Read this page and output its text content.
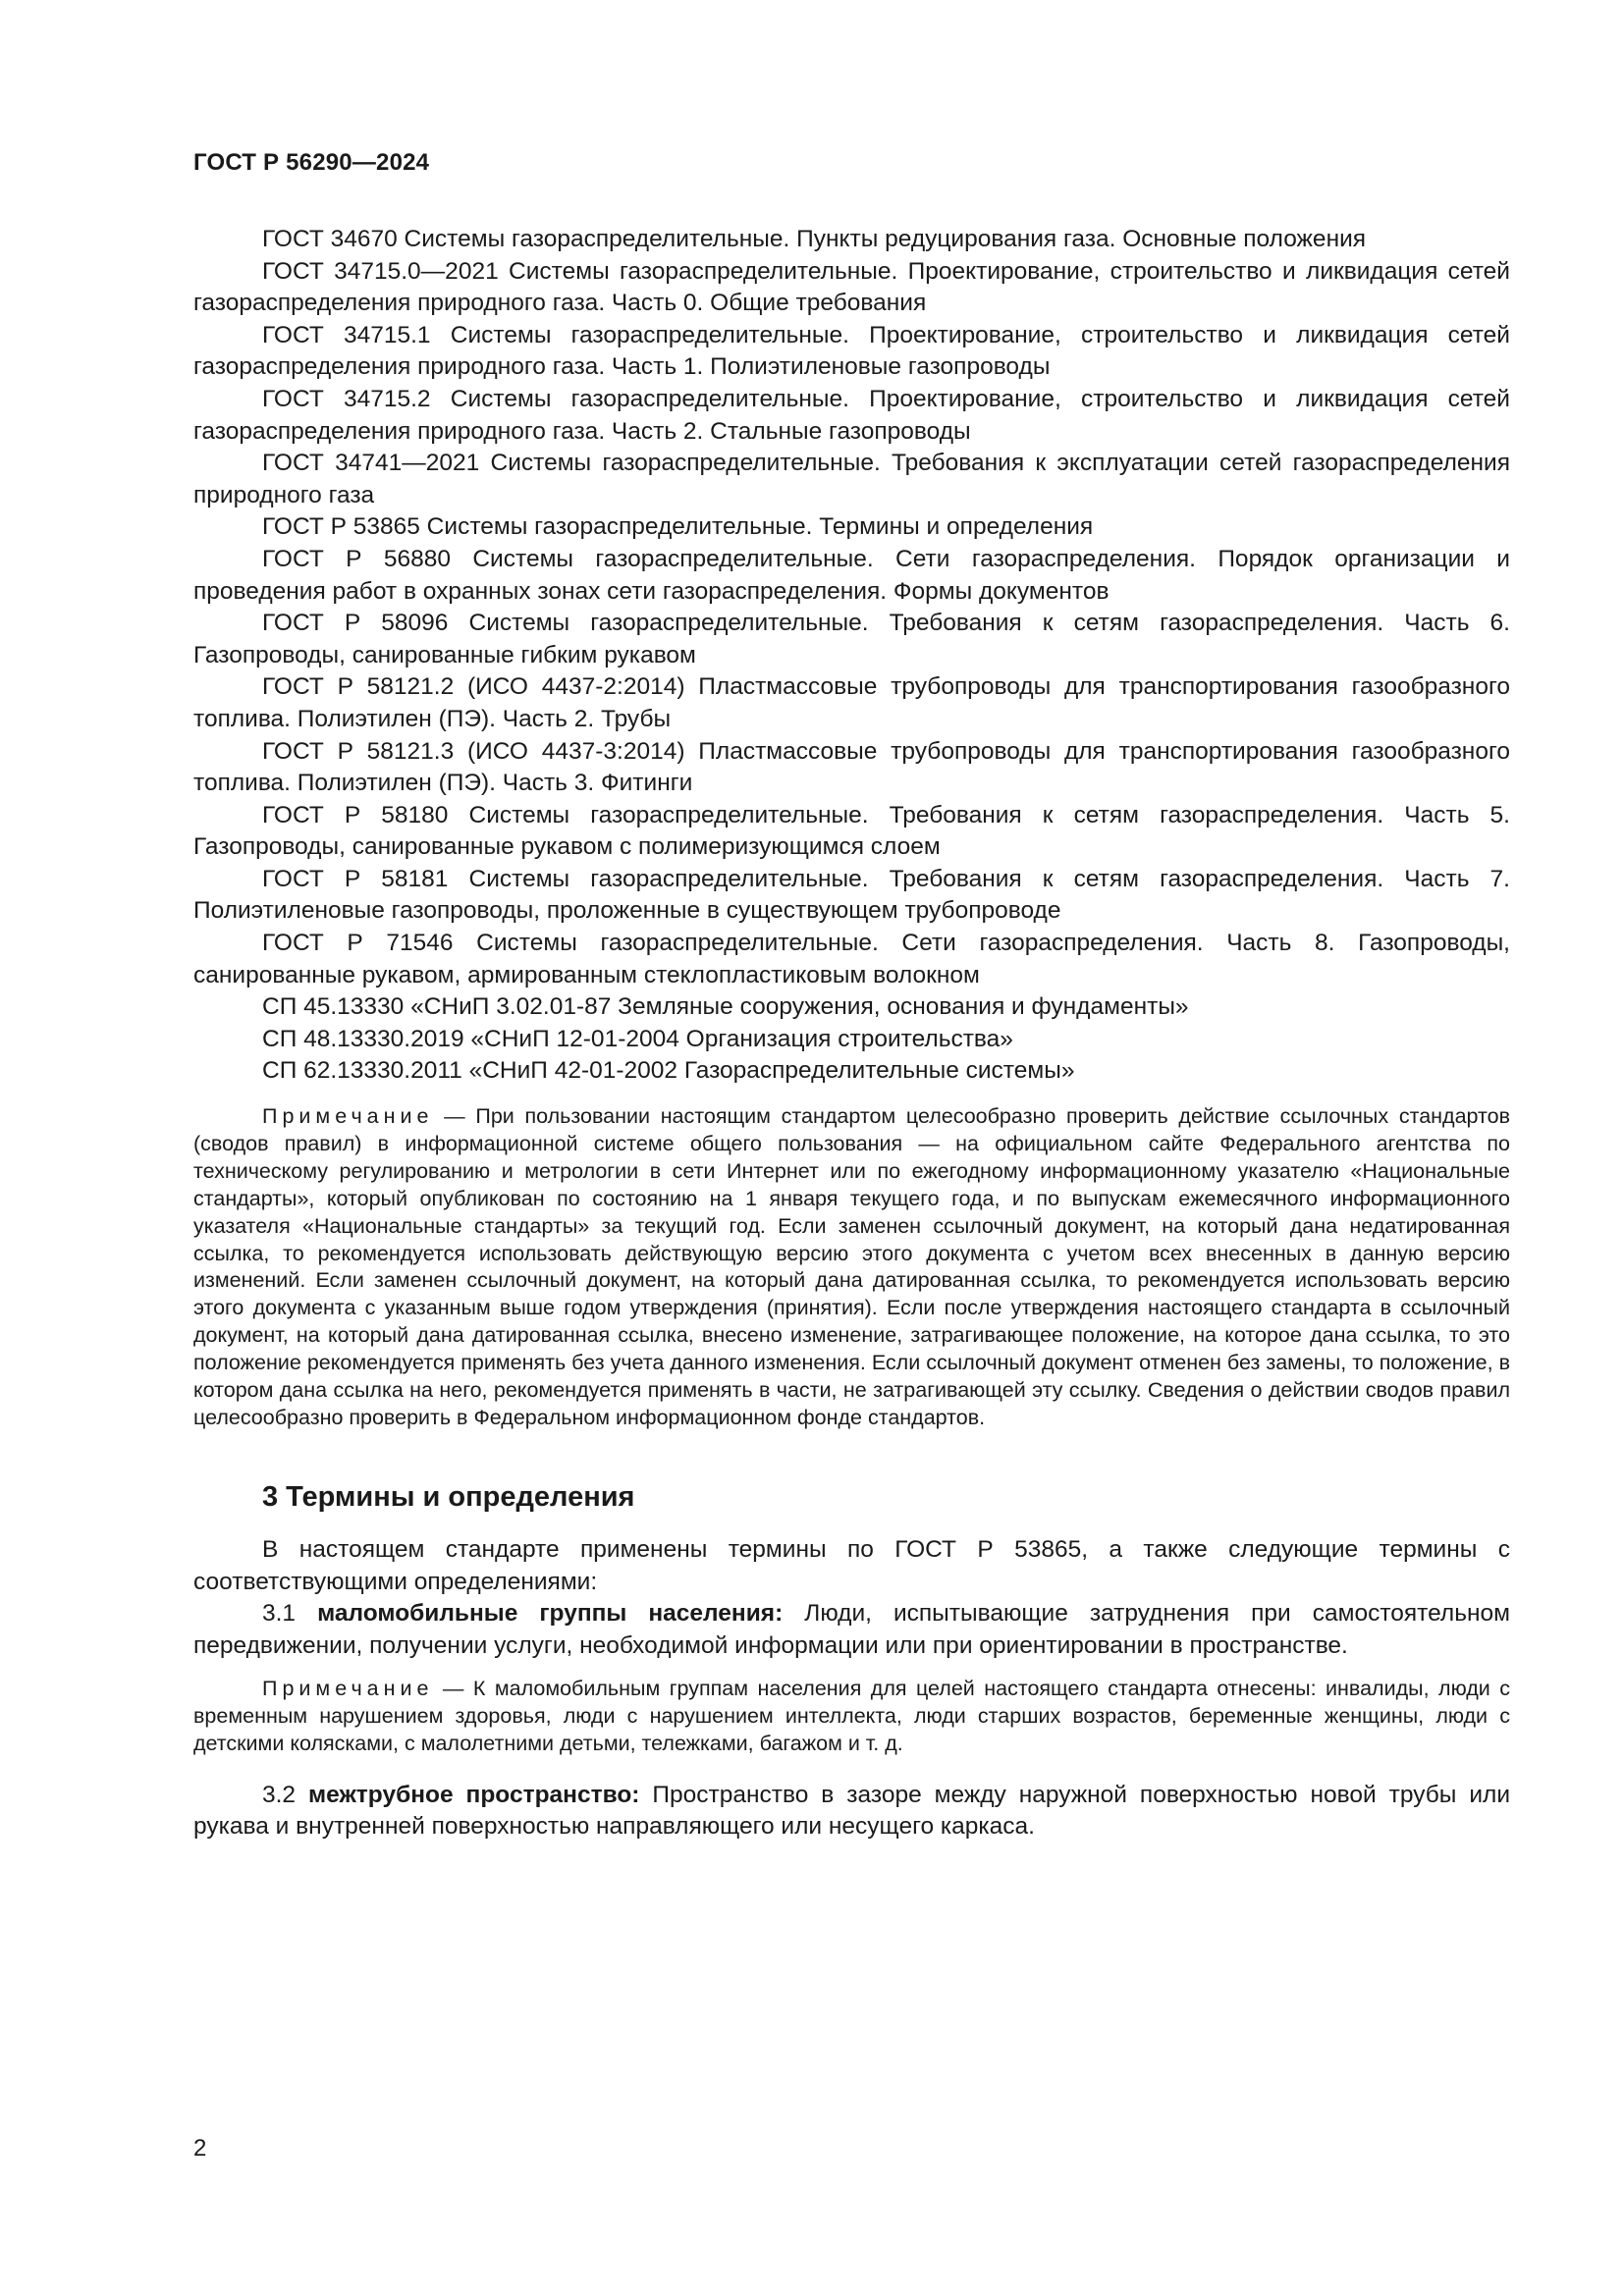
ГОСТ Р 56290—2024

ГОСТ 34670 Системы газораспределительные. Пункты редуцирования газа. Основные положения

ГОСТ 34715.0—2021 Системы газораспределительные. Проектирование, строительство и ликвидация сетей газораспределения природного газа. Часть 0. Общие требования

ГОСТ 34715.1 Системы газораспределительные. Проектирование, строительство и ликвидация сетей газораспределения природного газа. Часть 1. Полиэтиленовые газопроводы

ГОСТ 34715.2 Системы газораспределительные. Проектирование, строительство и ликвидация сетей газораспределения природного газа. Часть 2. Стальные газопроводы

ГОСТ 34741—2021 Системы газораспределительные. Требования к эксплуатации сетей газораспределения природного газа

ГОСТ Р 53865 Системы газораспределительные. Термины и определения

ГОСТ Р 56880 Системы газораспределительные. Сети газораспределения. Порядок организации и проведения работ в охранных зонах сети газораспределения. Формы документов

ГОСТ Р 58096 Системы газораспределительные. Требования к сетям газораспределения. Часть 6. Газопроводы, санированные гибким рукавом

ГОСТ Р 58121.2 (ИСО 4437-2:2014) Пластмассовые трубопроводы для транспортирования газообразного топлива. Полиэтилен (ПЭ). Часть 2. Трубы

ГОСТ Р 58121.3 (ИСО 4437-3:2014) Пластмассовые трубопроводы для транспортирования газообразного топлива. Полиэтилен (ПЭ). Часть 3. Фитинги

ГОСТ Р 58180 Системы газораспределительные. Требования к сетям газораспределения. Часть 5. Газопроводы, санированные рукавом с полимеризующимся слоем

ГОСТ Р 58181 Системы газораспределительные. Требования к сетям газораспределения. Часть 7. Полиэтиленовые газопроводы, проложенные в существующем трубопроводе

ГОСТ Р 71546 Системы газораспределительные. Сети газораспределения. Часть 8. Газопроводы, санированные рукавом, армированным стеклопластиковым волокном

СП 45.13330 «СНиП 3.02.01-87 Земляные сооружения, основания и фундаменты»

СП 48.13330.2019 «СНиП 12-01-2004 Организация строительства»

СП 62.13330.2011 «СНиП 42-01-2002 Газораспределительные системы»

Примечание — При пользовании настоящим стандартом целесообразно проверить действие ссылочных стандартов (сводов правил) в информационной системе общего пользования — на официальном сайте Федерального агентства по техническому регулированию и метрологии в сети Интернет или по ежегодному информационному указателю «Национальные стандарты», который опубликован по состоянию на 1 января текущего года, и по выпускам ежемесячного информационного указателя «Национальные стандарты» за текущий год. Если заменен ссылочный документ, на который дана недатированная ссылка, то рекомендуется использовать действующую версию этого документа с учетом всех внесенных в данную версию изменений. Если заменен ссылочный документ, на который дана датированная ссылка, то рекомендуется использовать версию этого документа с указанным выше годом утверждения (принятия). Если после утверждения настоящего стандарта в ссылочный документ, на который дана датированная ссылка, внесено изменение, затрагивающее положение, на которое дана ссылка, то это положение рекомендуется применять без учета данного изменения. Если ссылочный документ отменен без замены, то положение, в котором дана ссылка на него, рекомендуется применять в части, не затрагивающей эту ссылку. Сведения о действии сводов правил целесообразно проверить в Федеральном информационном фонде стандартов.

3 Термины и определения

В настоящем стандарте применены термины по ГОСТ Р 53865, а также следующие термины с соответствующими определениями:

3.1 маломобильные группы населения: Люди, испытывающие затруднения при самостоятельном передвижении, получении услуги, необходимой информации или при ориентировании в пространстве.

Примечание — К маломобильным группам населения для целей настоящего стандарта отнесены: инвалиды, люди с временным нарушением здоровья, люди с нарушением интеллекта, люди старших возрастов, беременные женщины, люди с детскими колясками, с малолетними детьми, тележками, багажом и т. д.

3.2 межтрубное пространство: Пространство в зазоре между наружной поверхностью новой трубы или рукава и внутренней поверхностью направляющего или несущего каркаса.

2
